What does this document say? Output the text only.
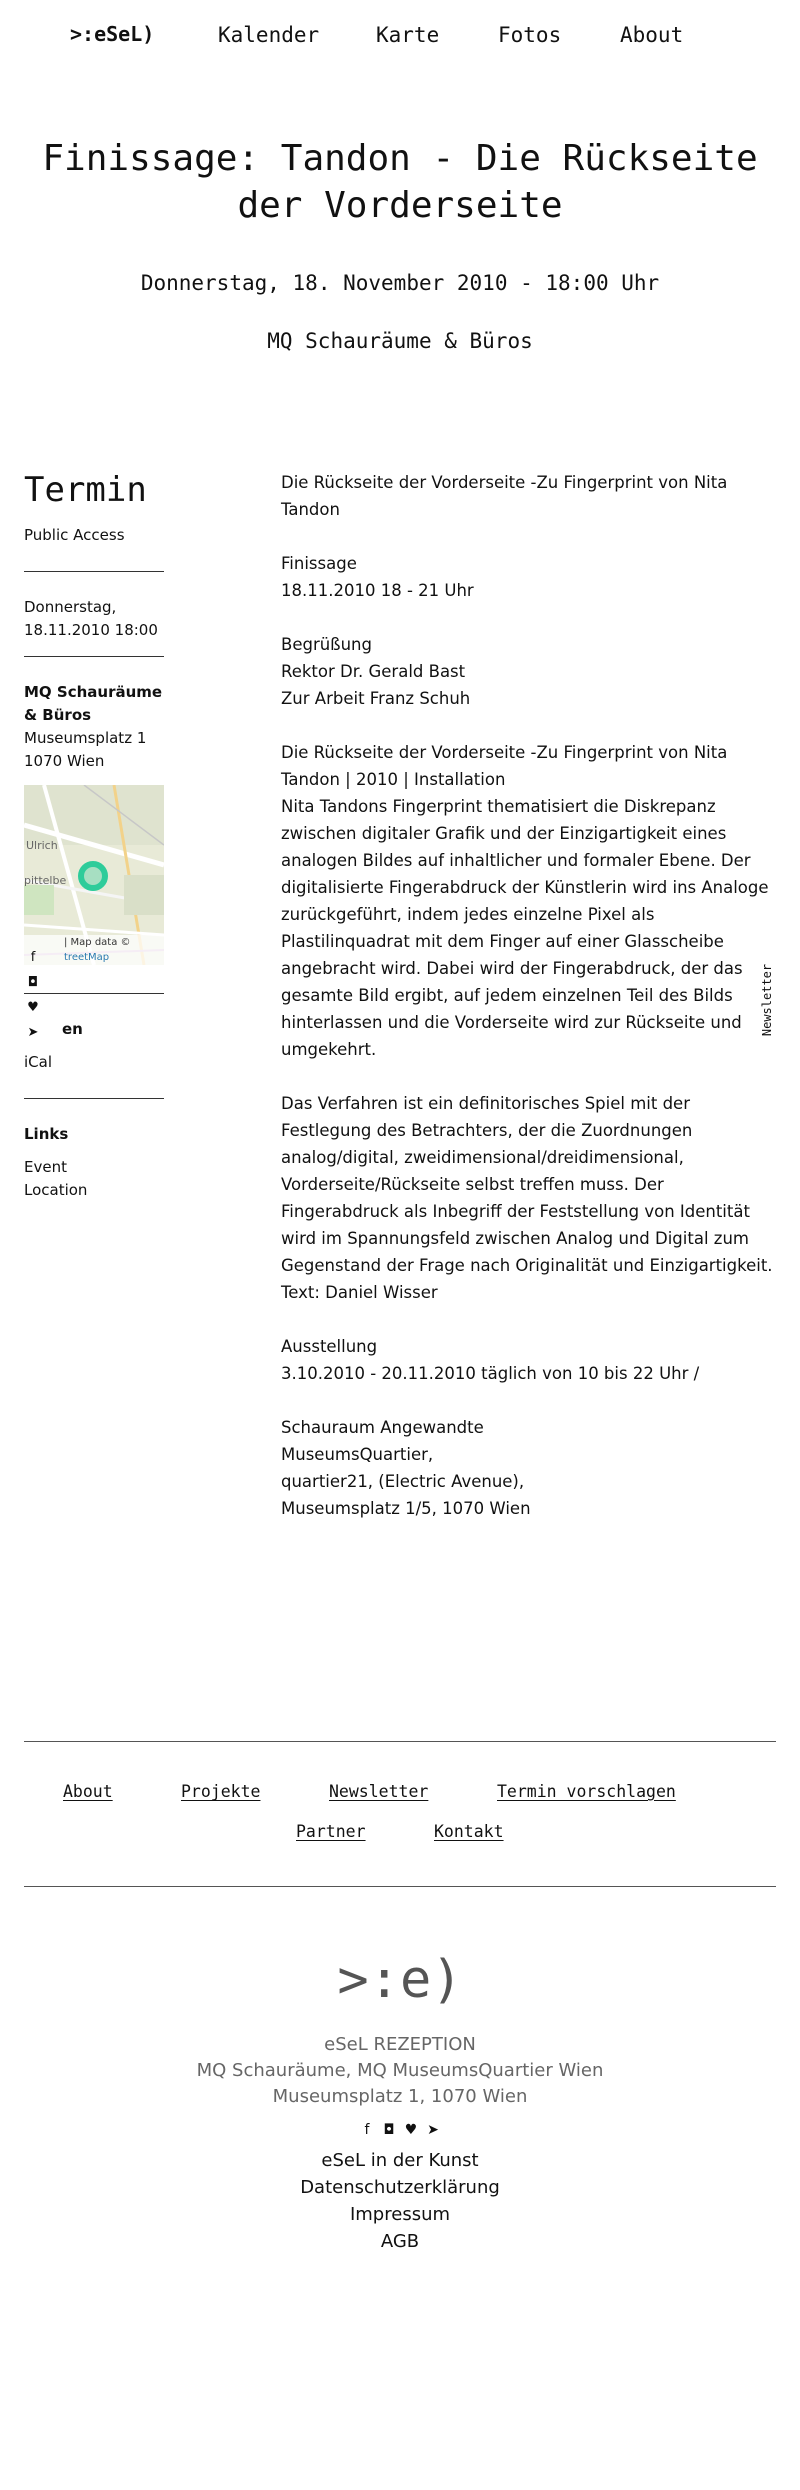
>:eSeL)	Kalender	Karte	Fotos	About
Finissage: Tandon - Die Rückseite der Vorderseite
Donnerstag, 18. November 2010 - 18:00 Uhr
MQ Schauräume & Büros
Termin
Public Access
Donnerstag,
18.11.2010 18:00
MQ Schauräume
& Büros
Museumsplatz 1
1070 Wien
Ulrich
pittelbe
| Map data ©
treetMap
en
iCal
Links
Event
Location
f
◘
♥
➤

Die Rückseite der Vorderseite -Zu Fingerprint von Nita Tandon

Finissage
18.11.2010 18 - 21 Uhr

Begrüßung
Rektor Dr. Gerald Bast
Zur Arbeit Franz Schuh

Die Rückseite der Vorderseite -Zu Fingerprint von Nita Tandon | 2010 | Installation
Nita Tandons Fingerprint thematisiert die Diskrepanz zwischen digitaler Grafik und der Einzigartigkeit eines analogen Bildes auf inhaltlicher und formaler Ebene. Der digitalisierte Fingerabdruck der Künstlerin wird ins Analoge zurückgeführt, indem jedes einzelne Pixel als Plastilinquadrat mit dem Finger auf einer Glasscheibe angebracht wird. Dabei wird der Fingerabdruck, der das gesamte Bild ergibt, auf jedem einzelnen Teil des Bilds hinterlassen und die Vorderseite wird zur Rückseite und umgekehrt.

Das Verfahren ist ein definitorisches Spiel mit der Festlegung des Betrachters, der die Zuordnungen analog/digital, zweidimensional/dreidimensional, Vorderseite/Rückseite selbst treffen muss. Der Fingerabdruck als Inbegriff der Feststellung von Identität wird im Spannungsfeld zwischen Analog und Digital zum Gegenstand der Frage nach Originalität und Einzigartigkeit.
Text: Daniel Wisser

Ausstellung
3.10.2010 - 20.11.2010 täglich von 10 bis 22 Uhr /

Schauraum Angewandte
MuseumsQuartier,
quartier21, (Electric Avenue),
Museumsplatz 1/5, 1070 Wien

Newsletter
About	Projekte	Newsletter	Termin vorschlagen
Partner	Kontakt
>:e)
eSeL REZEPTION
MQ Schauräume, MQ MuseumsQuartier Wien
Museumsplatz 1, 1070 Wien
f ◘ ♥ ➤
eSeL in der Kunst
Datenschutzerklärung
Impressum
AGB
